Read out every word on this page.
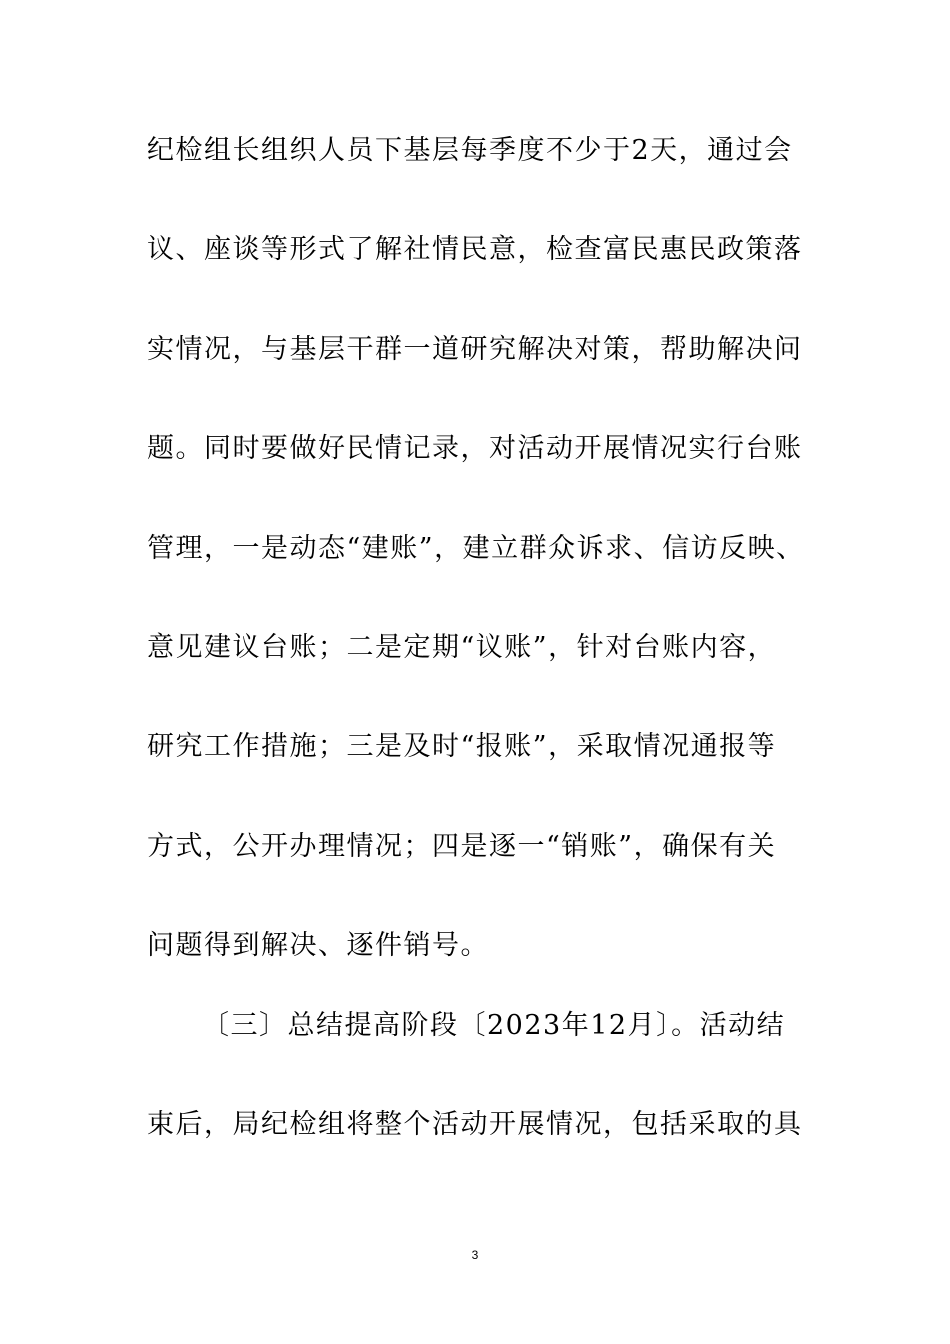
纪检组长组织人员下基层每季度不少于2天，通过会
议、座谈等形式了解社情民意，检查富民惠民政策落
实情况，与基层干群一道研究解决对策，帮助解决问
题。同时要做好民情记录，对活动开展情况实行台账
管理，一是动态“建账”，建立群众诉求、信访反映、
意见建议台账；二是定期“议账”，针对台账内容，
研究工作措施；三是及时“报账”，采取情况通报等
方式，公开办理情况；四是逐一“销账”，确保有关
问题得到解决、逐件销号。
〔三〕总结提高阶段〔2023年12月〕。活动结
束后，局纪检组将整个活动开展情况，包括采取的具
3
